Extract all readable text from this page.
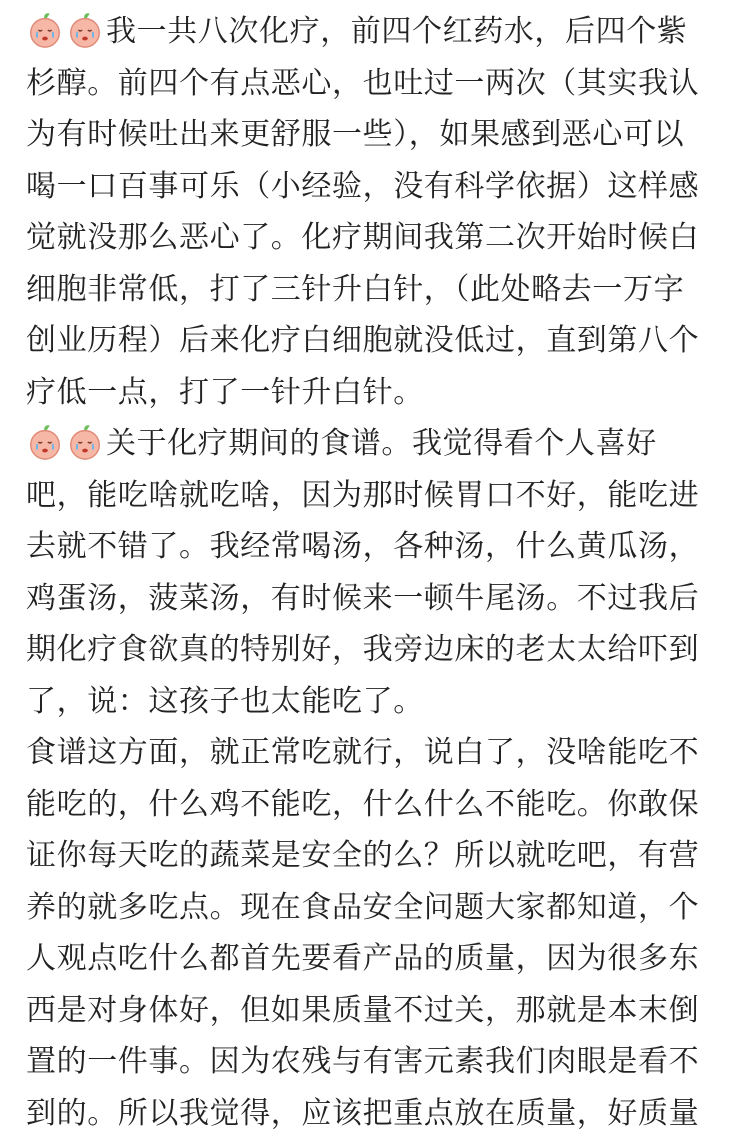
我一共八次化疗，前四个红药水，后四个紫
杉醇。前四个有点恶心，也吐过一两次（其实我认
为有时候吐出来更舒服一些），如果感到恶心可以
喝一口百事可乐（小经验，没有科学依据）这样感
觉就没那么恶心了。化疗期间我第二次开始时候白
细胞非常低，打了三针升白针，（此处略去一万字
创业历程）后来化疗白细胞就没低过，直到第八个
疗低一点，打了一针升白针。
关于化疗期间的食谱。我觉得看个人喜好
吧，能吃啥就吃啥，因为那时候胃口不好，能吃进
去就不错了。我经常喝汤，各种汤，什么黄瓜汤，
鸡蛋汤，菠菜汤，有时候来一顿牛尾汤。不过我后
期化疗食欲真的特别好，我旁边床的老太太给吓到
了，说：这孩子也太能吃了。
食谱这方面，就正常吃就行，说白了，没啥能吃不
能吃的，什么鸡不能吃，什么什么不能吃。你敢保
证你每天吃的蔬菜是安全的么？所以就吃吧，有营
养的就多吃点。现在食品安全问题大家都知道，个
人观点吃什么都首先要看产品的质量，因为很多东
西是对身体好，但如果质量不过关，那就是本末倒
置的一件事。因为农残与有害元素我们肉眼是看不
到的。所以我觉得，应该把重点放在质量，好质量
